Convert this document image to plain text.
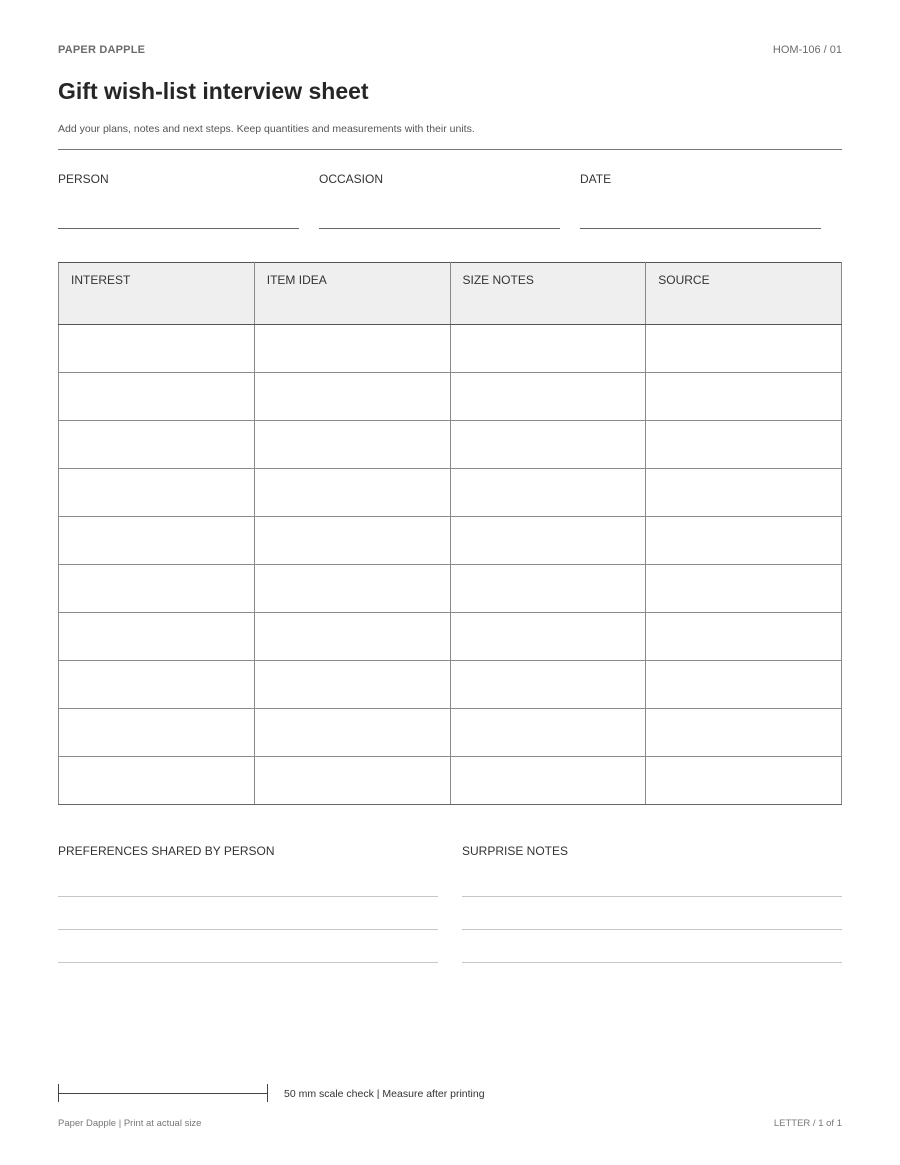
PAPER DAPPLE	HOM-106 / 01
Gift wish-list interview sheet
Add your plans, notes and next steps. Keep quantities and measurements with their units.
PERSON	OCCASION	DATE
INTEREST	ITEM IDEA	SIZE NOTES	SOURCE

PREFERENCES SHARED BY PERSON	SURPRISE NOTES
50 mm scale check | Measure after printing
Paper Dapple | Print at actual size	LETTER / 1 of 1
